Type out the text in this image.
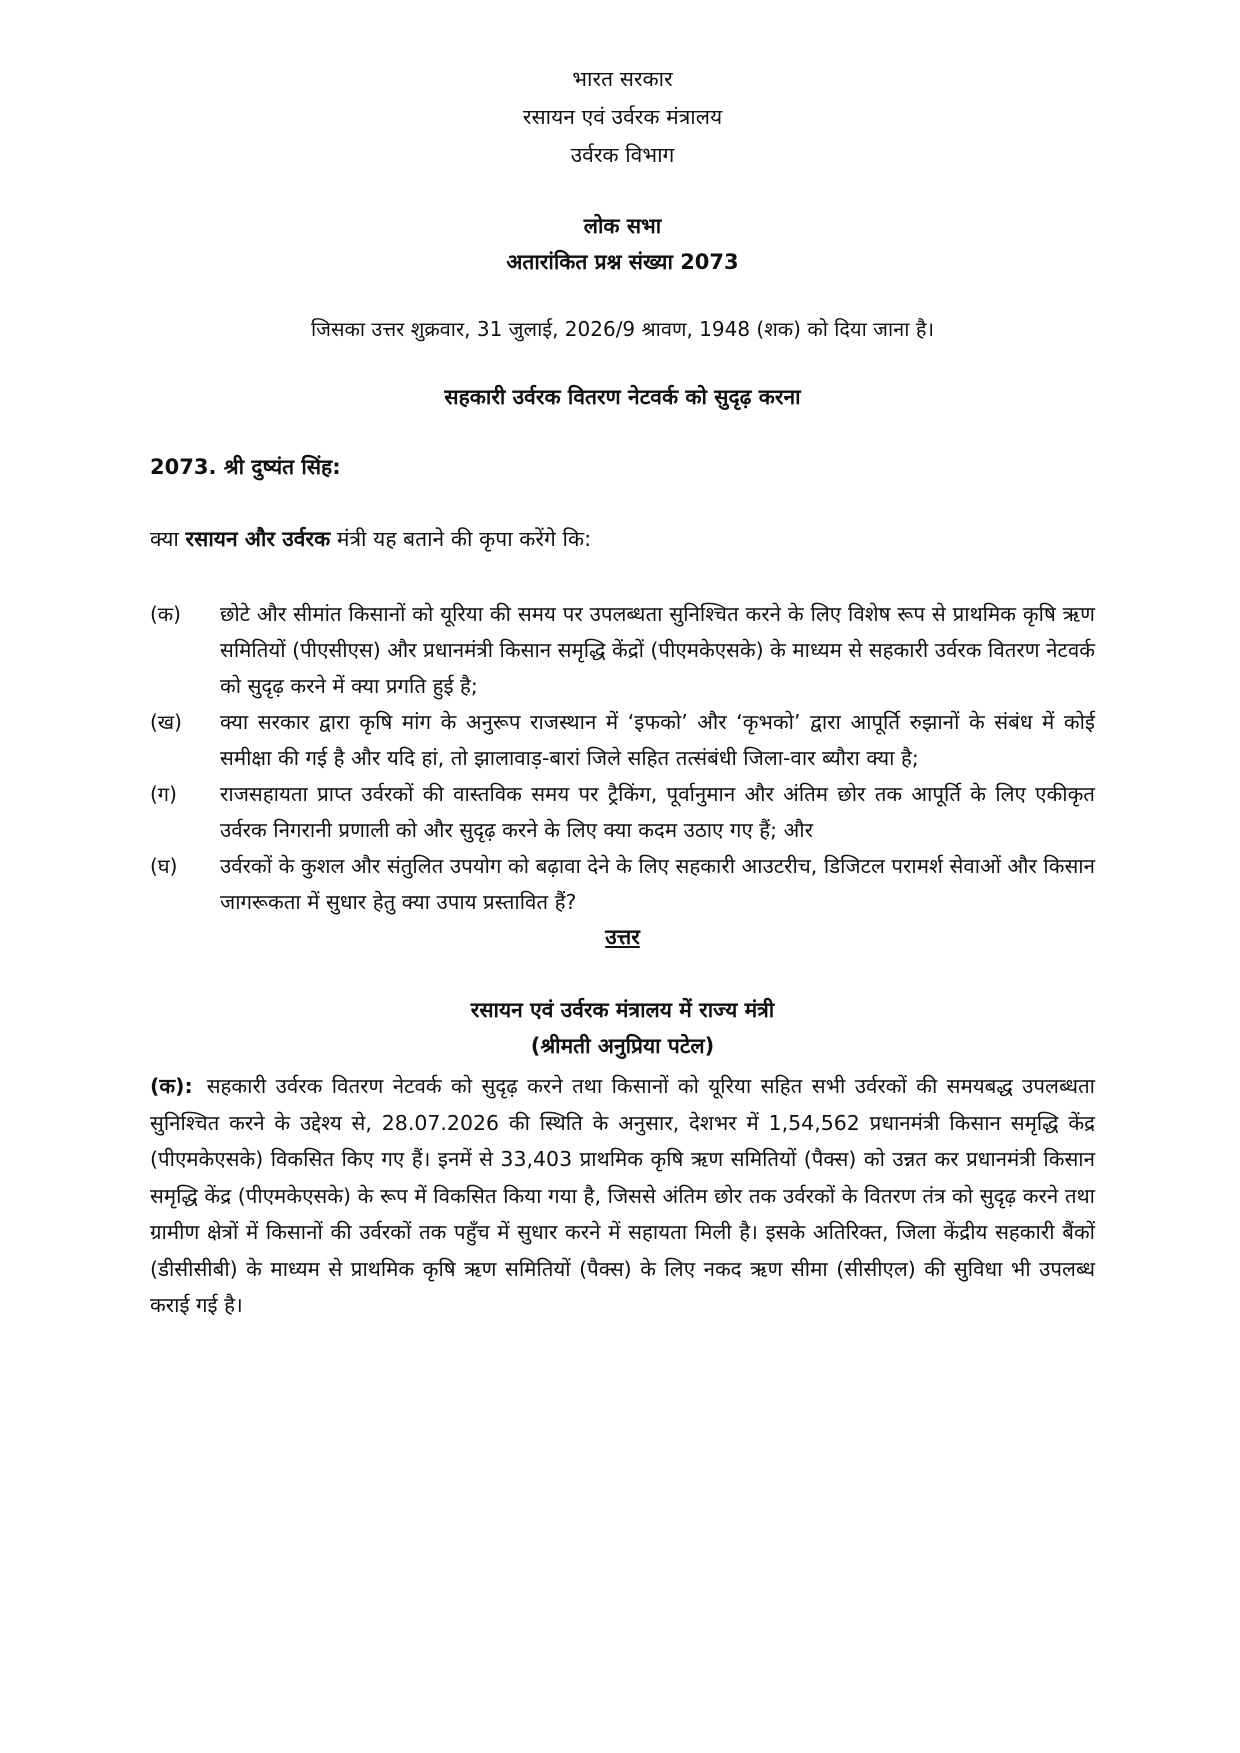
भारत सरकार
रसायन एवं उर्वरक मंत्रालय
उर्वरक विभाग
लोक सभा
अतारांकित प्रश्न संख्या 2073
जिसका उत्तर शुक्रवार, 31 जुलाई, 2026/9 श्रावण, 1948 (शक) को दिया जाना है।
सहकारी उर्वरक वितरण नेटवर्क को सुदृढ़ करना
2073. श्री दुष्यंत सिंह:
क्या रसायन और उर्वरक मंत्री यह बताने की कृपा करेंगे कि:
(क)	छोटे और सीमांत किसानों को यूरिया की समय पर उपलब्धता सुनिश्चित करने के लिए विशेष रूप से प्राथमिक कृषि ऋण समितियों (पीएसीएस) और प्रधानमंत्री किसान समृद्धि केंद्रों (पीएमकेएसके) के माध्यम से सहकारी उर्वरक वितरण नेटवर्क को सुदृढ़ करने में क्या प्रगति हुई है;
(ख)	क्या सरकार द्वारा कृषि मांग के अनुरूप राजस्थान में ‘इफको’ और ‘कृभको’ द्वारा आपूर्ति रुझानों के संबंध में कोई समीक्षा की गई है और यदि हां, तो झालावाड़-बारां जिले सहित तत्संबंधी जिला-वार ब्यौरा क्या है;
(ग)	राजसहायता प्राप्त उर्वरकों की वास्तविक समय पर ट्रैकिंग, पूर्वानुमान और अंतिम छोर तक आपूर्ति के लिए एकीकृत उर्वरक निगरानी प्रणाली को और सुदृढ़ करने के लिए क्या कदम उठाए गए हैं; और
(घ)	उर्वरकों के कुशल और संतुलित उपयोग को बढ़ावा देने के लिए सहकारी आउटरीच, डिजिटल परामर्श सेवाओं और किसान जागरूकता में सुधार हेतु क्या उपाय प्रस्तावित हैं?
उत्तर
रसायन एवं उर्वरक मंत्रालय में राज्य मंत्री
(श्रीमती अनुप्रिया पटेल)
(क): सहकारी उर्वरक वितरण नेटवर्क को सुदृढ़ करने तथा किसानों को यूरिया सहित सभी उर्वरकों की समयबद्ध उपलब्धता सुनिश्चित करने के उद्देश्य से, 28.07.2026 की स्थिति के अनुसार, देशभर में 1,54,562 प्रधानमंत्री किसान समृद्धि केंद्र (पीएमकेएसके) विकसित किए गए हैं। इनमें से 33,403 प्राथमिक कृषि ऋण समितियों (पैक्स) को उन्नत कर प्रधानमंत्री किसान समृद्धि केंद्र (पीएमकेएसके) के रूप में विकसित किया गया है, जिससे अंतिम छोर तक उर्वरकों के वितरण तंत्र को सुदृढ़ करने तथा ग्रामीण क्षेत्रों में किसानों की उर्वरकों तक पहुँच में सुधार करने में सहायता मिली है। इसके अतिरिक्त, जिला केंद्रीय सहकारी बैंकों (डीसीसीबी) के माध्यम से प्राथमिक कृषि ऋण समितियों (पैक्स) के लिए नकद ऋण सीमा (सीसीएल) की सुविधा भी उपलब्ध कराई गई है।
